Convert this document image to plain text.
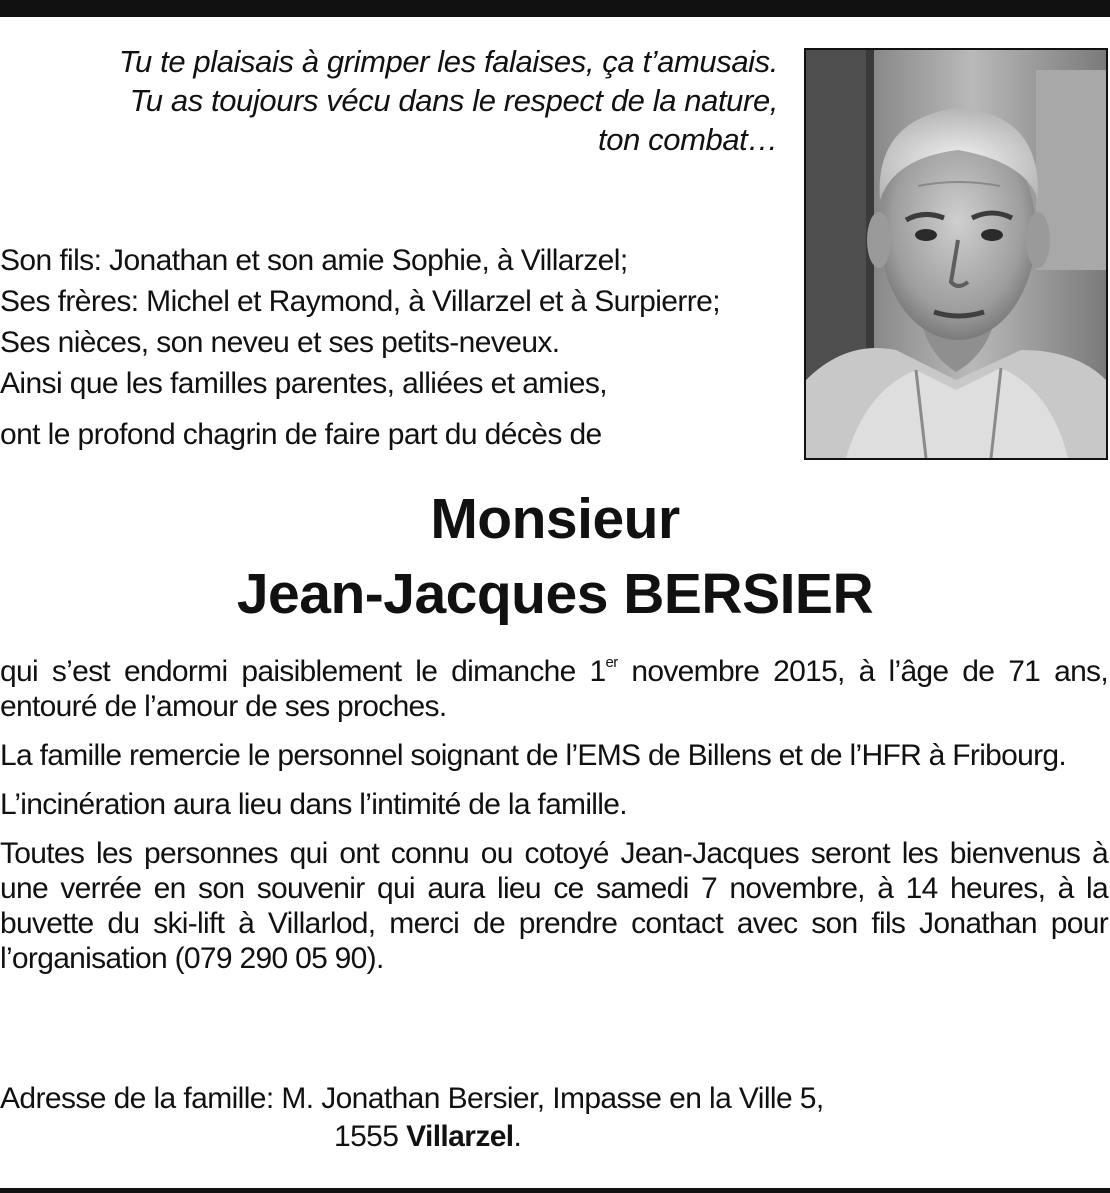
Tu te plaisais à grimper les falaises, ça t’amusais.
Tu as toujours vécu dans le respect de la nature,
ton combat…
Son fils: Jonathan et son amie Sophie, à Villarzel;
Ses frères: Michel et Raymond, à Villarzel et à Surpierre;
Ses nièces, son neveu et ses petits-neveux.
Ainsi que les familles parentes, alliées et amies,
ont le profond chagrin de faire part du décès de
Monsieur
Jean-Jacques BERSIER

qui s’est endormi paisiblement le dimanche 1er novembre 2015, à l’âge de 71 ans, entouré de l’amour de ses proches.

La famille remercie le personnel soignant de l’EMS de Billens et de l’HFR à Fribourg.

L’incinération aura lieu dans l’intimité de la famille.

Toutes les personnes qui ont connu ou cotoyé Jean-Jacques seront les bienvenus à une verrée en son souvenir qui aura lieu ce samedi 7 novembre, à 14 heures, à la buvette du ski-lift à Villarlod, merci de prendre contact avec son fils Jonathan pour l’organisation (079 290 05 90).

Adresse de la famille: M. Jonathan Bersier, Impasse en la Ville 5,
1555 Villarzel.
